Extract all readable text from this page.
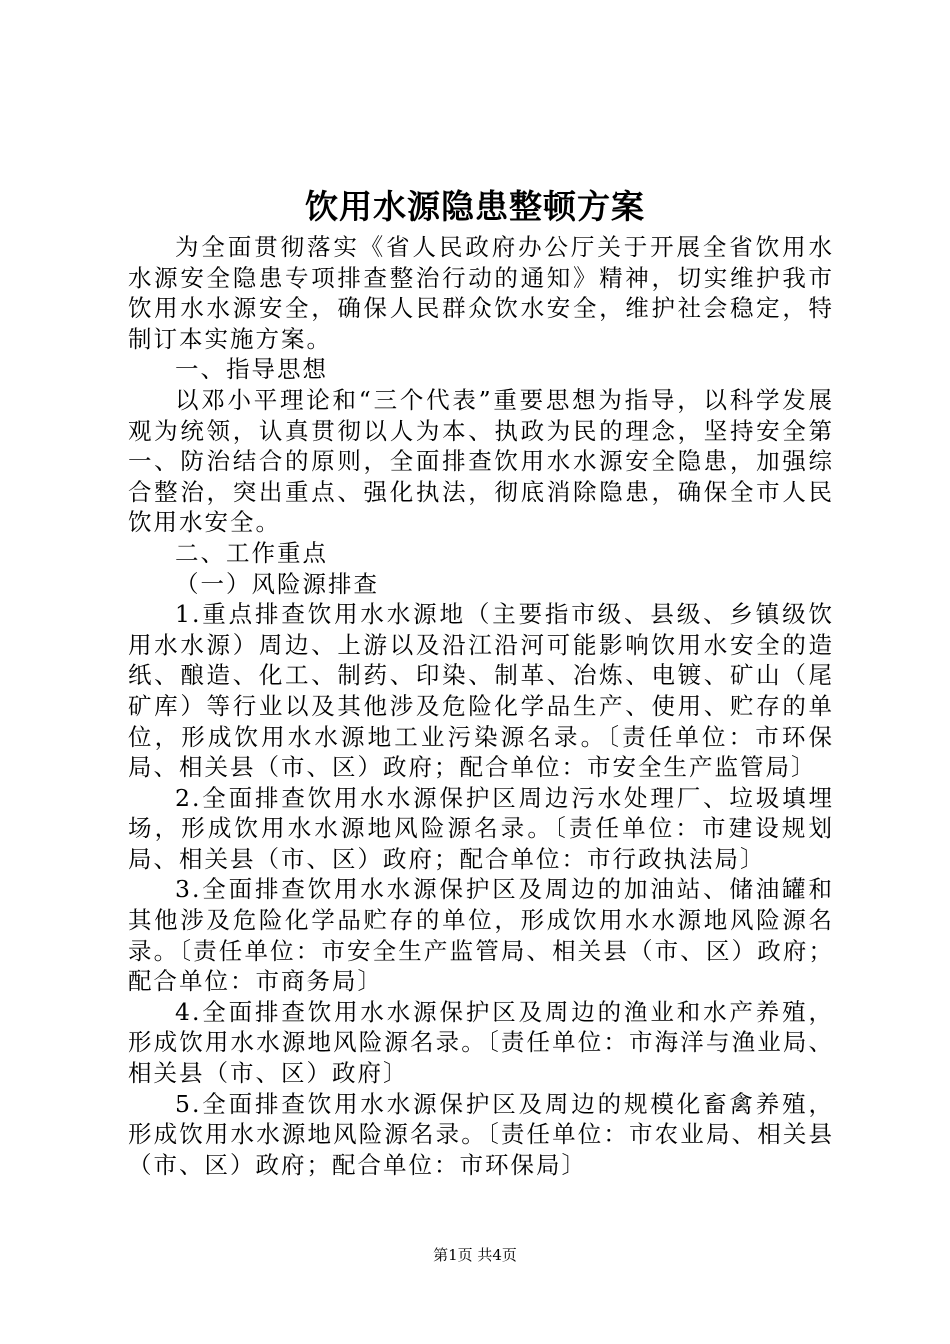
饮用水源隐患整顿方案

为全面贯彻落实《省人民政府办公厅关于开展全省饮用水水源安全隐患专项排查整治行动的通知》精神，切实维护我市饮用水水源安全，确保人民群众饮水安全，维护社会稳定，特制订本实施方案。

一、指导思想

以邓小平理论和“三个代表”重要思想为指导，以科学发展观为统领，认真贯彻以人为本、执政为民的理念，坚持安全第一、防治结合的原则，全面排查饮用水水源安全隐患，加强综合整治，突出重点、强化执法，彻底消除隐患，确保全市人民饮用水安全。

二、工作重点

（一）风险源排查

1.重点排查饮用水水源地（主要指市级、县级、乡镇级饮用水水源）周边、上游以及沿江沿河可能影响饮用水安全的造纸、酿造、化工、制药、印染、制革、冶炼、电镀、矿山（尾矿库）等行业以及其他涉及危险化学品生产、使用、贮存的单位，形成饮用水水源地工业污染源名录。〔责任单位：市环保局、相关县（市、区）政府；配合单位：市安全生产监管局〕

2.全面排查饮用水水源保护区周边污水处理厂、垃圾填埋场，形成饮用水水源地风险源名录。〔责任单位：市建设规划局、相关县（市、区）政府；配合单位：市行政执法局〕

3.全面排查饮用水水源保护区及周边的加油站、储油罐和其他涉及危险化学品贮存的单位，形成饮用水水源地风险源名录。〔责任单位：市安全生产监管局、相关县（市、区）政府；配合单位：市商务局〕

4.全面排查饮用水水源保护区及周边的渔业和水产养殖，形成饮用水水源地风险源名录。〔责任单位：市海洋与渔业局、相关县（市、区）政府〕

5.全面排查饮用水水源保护区及周边的规模化畜禽养殖，形成饮用水水源地风险源名录。〔责任单位：市农业局、相关县（市、区）政府；配合单位：市环保局〕

第1页 共4页
